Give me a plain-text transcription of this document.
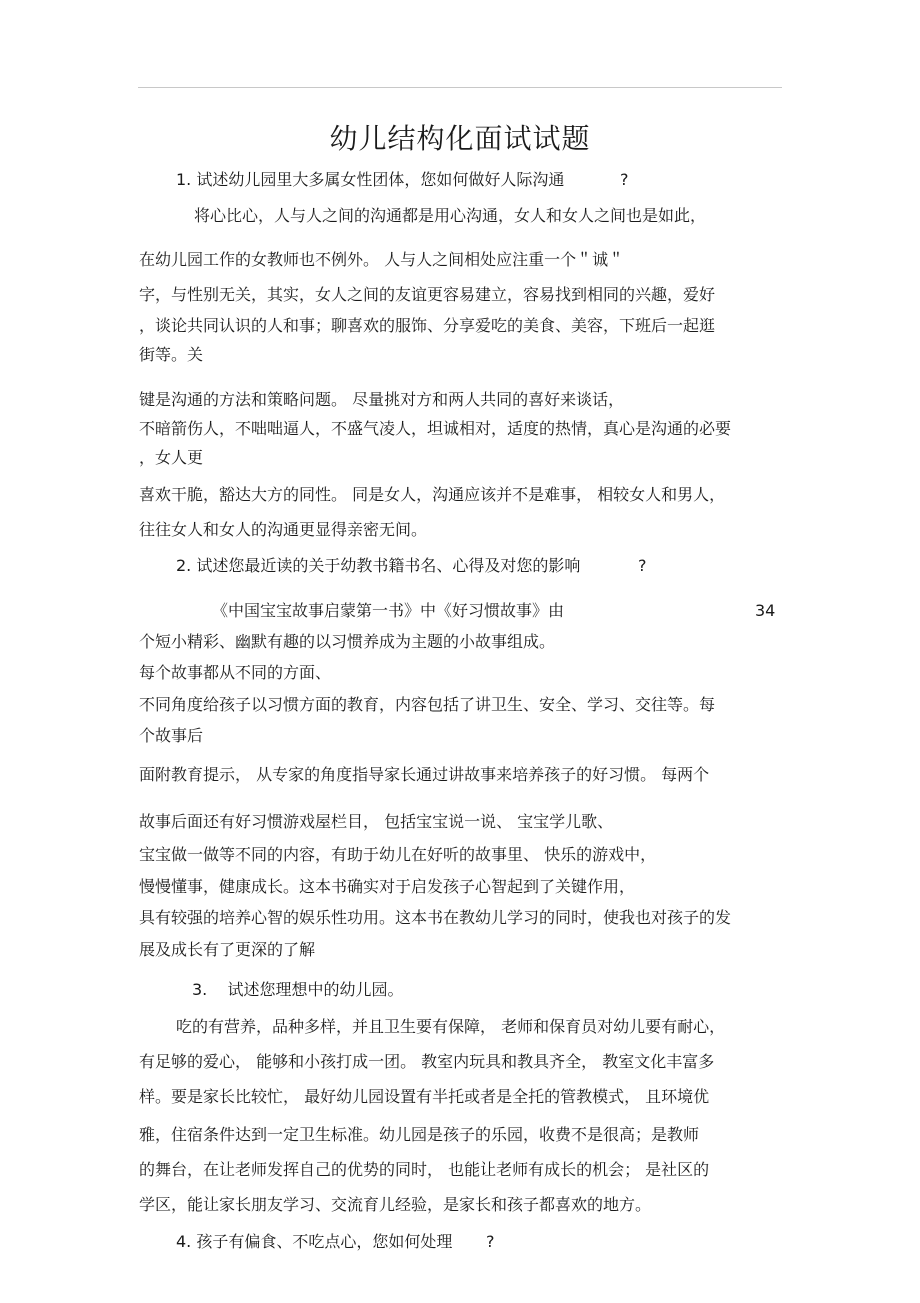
幼儿结构化面试试题
1. 试述幼儿园里大多属女性团体，您如何做好人际沟通	?
将心比心，人与人之间的沟通都是用心沟通，女人和女人之间也是如此，
在幼儿园工作的女教师也不例外。 人与人之间相处应注重一个＂诚＂
字，与性别无关，其实，女人之间的友谊更容易建立，容易找到相同的兴趣，爱好
，谈论共同认识的人和事；聊喜欢的服饰、分享爱吃的美食、美容，下班后一起逛
街等。关
键是沟通的方法和策略问题。 尽量挑对方和两人共同的喜好来谈话，
不暗箭伤人，不咄咄逼人，不盛气凌人，坦诚相对，适度的热情，真心是沟通的必要
，女人更
喜欢干脆，豁达大方的同性。 同是女人，沟通应该并不是难事， 相较女人和男人，
往往女人和女人的沟通更显得亲密无间。
2. 试述您最近读的关于幼教书籍书名、心得及对您的影响	?
《中国宝宝故事启蒙第一书》中《好习惯故事》由	34
个短小精彩、幽默有趣的以习惯养成为主题的小故事组成。
每个故事都从不同的方面、
不同角度给孩子以习惯方面的教育，内容包括了讲卫生、安全、学习、交往等。每
个故事后
面附教育提示， 从专家的角度指导家长通过讲故事来培养孩子的好习惯。 每两个
故事后面还有好习惯游戏屋栏目， 包括宝宝说一说、 宝宝学儿歌、
宝宝做一做等不同的内容，有助于幼儿在好听的故事里、 快乐的游戏中，
慢慢懂事，健康成长。这本书确实对于启发孩子心智起到了关键作用，
具有较强的培养心智的娱乐性功用。这本书在教幼儿学习的同时，使我也对孩子的发
展及成长有了更深的了解
3. 试述您理想中的幼儿园。
吃的有营养，品种多样，并且卫生要有保障， 老师和保育员对幼儿要有耐心，
有足够的爱心， 能够和小孩打成一团。 教室内玩具和教具齐全， 教室文化丰富多
样。要是家长比较忙， 最好幼儿园设置有半托或者是全托的管教模式， 且环境优
雅，住宿条件达到一定卫生标准。幼儿园是孩子的乐园，收费不是很高；是教师
的舞台，在让老师发挥自己的优势的同时， 也能让老师有成长的机会； 是社区的
学区，能让家长朋友学习、交流育儿经验，是家长和孩子都喜欢的地方。
4. 孩子有偏食、不吃点心，您如何处理 ?
